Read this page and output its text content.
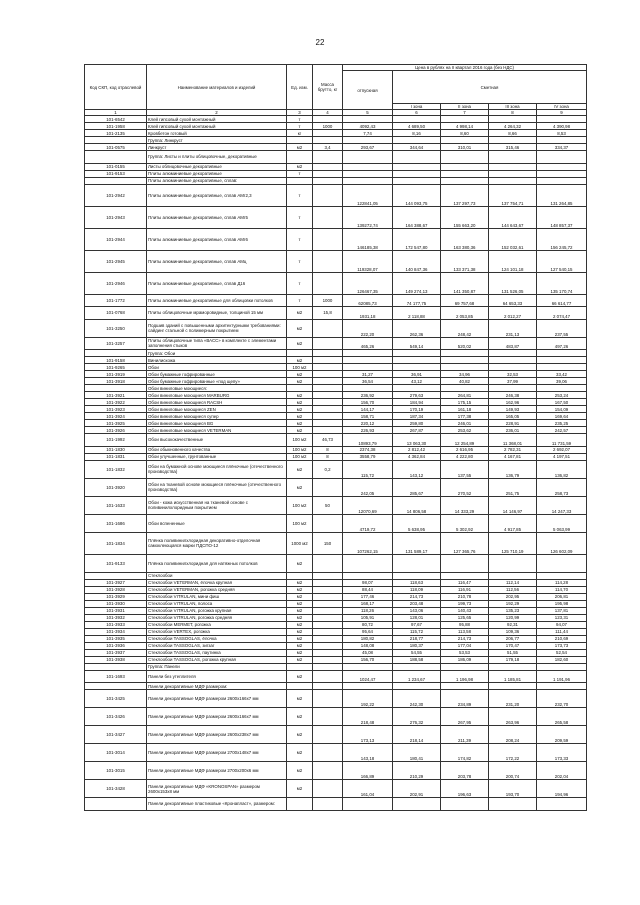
22
Код СКП, код отраслевой	Наименование материалов и изделий	Ед. изм.	Масса брутто, кг	Цена в рублях на II квартал 2016 года (без НДС)				
				отпускная	Сметная			
					I зона	II зона	III зона	IV зона
1	2	3	4	5	6	7	8	9
101-6542	Клей гипсовый сухой монтажный	т						
101-1958	Клей гипсовый сухой монтажный	т	1000	4092,43	4 689,50	4 998,14	4 264,32	4 390,98
101-2135	Кровбетон готовый	кг		7,74	8,16	8,60	8,66	8,53
	Группа: Линкруст							
101-0575	Линкруст	м2	3,4	293,67	344,64	310,01	315,46	334,37
	Группа: Листы и плиты облицовочные, декоративные							
101-0155	Листы облицовочные декоративные	м2						
101-9153	Плиты алюминиевые декоративные	т						
	Плиты алюминиевые декоративные, сплав:							
101-2942	Плиты алюминиевые декоративные, сплав АМг2,3	т		122841,05	144 093,75	137 297,73	137 754,71	131 264,85
101-2943	Плиты алюминиевые декоративные, сплав АМг5	т		139272,74	164 388,67	155 663,20	144 643,67	148 857,37
101-2944	Плиты алюминиевые декоративные, сплав АМг6	т		146185,38	172 547,80	163 380,36	152 032,61	156 245,72
101-2945	Плиты алюминиевые декоративные, сплав АМц	т		119328,07	140 847,36	133 371,38	124 101,18	127 540,15
101-2946	Плиты алюминиевые декоративные, сплав Д16	т		126467,35	149 274,13	141 350,87	131 526,05	135 170,74
101-1772	Плиты алюминиевые декоративные для облицовки потолков	т	1000	62085,73	74 177,75	69 757,68	64 653,33	66 614,77
101-0768	Плиты облицовочные мраморовидные, толщиной 15 мм	м2	15,8	1931,18	2 118,88	2 053,85	2 012,27	2 074,47
101-3250	Подшив зданий с повышенными архитектурными требованиями: сайдинг стальной с полимерным покрытием	м2		222,20	262,36	248,42	231,13	237,55
101-3257	Плиты облицовочные типа «ВАСС» в комплекте с элементами заполнения стыков	м2		465,26	549,14	520,02	483,87	497,26
	Группа: Обои							
101-9158	Винилискожа	м2						
101-9265	Обои	100 м2						
101-3919	Обои бумажные гофрированные	м2		31,27	36,91	34,96	32,53	33,42
101-3918	Обои бумажные гофрированные «под щепу»	м2		36,54	43,12	40,82	37,99	39,06
	Обои виниловые моющиеся:							
101-3921	Обои виниловые моющиеся MARBURG	м2		236,92	279,63	264,81	246,38	253,24
101-3922	Обои виниловые моющиеся RACSH	м2		156,70	184,94	175,15	162,96	167,50
101-3923	Обои виниловые моющиеся ZEN	м2		144,17	170,19	161,18	149,93	154,09
101-3924	Обои виниловые моющиеся супер	м2		158,71	187,34	177,38	165,05	169,64
101-3925	Обои виниловые моющиеся BG	м2		220,12	259,80	246,01	228,91	235,25
101-3926	Обои виниловые моющиеся VETERMAN	м2		226,93	267,87	253,62	236,01	242,57
101-1992	Обои высококачественные	100 м2	46,73	10893,79	13 063,30	12 254,89	11 368,01	11 731,59
101-1830	Обои обыкновенного качества	100 м2	8	2374,38	2 812,42	2 616,95	2 782,31	2 692,07
101-1831	Обои улучшенные, грунтованные	100 м2	8	3558,79	4 362,84	4 222,80	4 167,81	4 197,51
101-1832	Обои на бумажной основе моющиеся плёночные (отечественного производства)	м2	0,2	115,72	143,12	137,55	136,79	136,82
101-3920	Обои на тканевой основе моющиеся плёночные (отечественного производства)	м2		242,05	285,67	270,52	251,75	258,73
101-1633	Обои - кожа искусственная на тканевой основе с поливинилхлоридным покрытием	100 м2	50	12070,69	14 806,58	14 333,29	14 146,97	14 247,33
101-1686	Обои вспененные	100 м2		4719,72	5 638,95	5 302,92	4 917,85	5 063,99
101-1834	Плёнка поливинилхлоридная декоративно-отделочная самоклеющаяся марки ПДСПО-12	1000 м2	150	107262,15	131 589,17	127 365,76	125 710,19	126 602,09
101-9133	Плёнка поливинилхлоридная для натяжных потолков	м2						
	Стеклообои							
101-3927	Стеклообои VETERMAN, ёлочка крупная	м2		98,07	118,63	116,47	112,14	114,28
101-3928	Стеклообои VETERMAN, рогожка средняя	м2		88,44	118,09	116,91	112,56	114,70
101-3929	Стеклообои VITRULAN, мини фиш	м2		177,46	214,73	210,78	202,95	206,81
101-3930	Стеклообои VITRULAN, полоса	м2		168,17	203,48	199,73	192,29	195,98
101-3931	Стеклообои VITRULAN, рогожка крупная	м2		118,26	143,06	140,43	135,23	137,81
101-3932	Стеклообои VITRULAN, рогожка средняя	м2		105,91	128,01	125,65	120,99	123,31
101-3933	Стеклообои MERMET, рогожка	м2		80,72	97,67	95,88	92,31	94,07
101-3934	Стеклообои VERTEX, рогожка	м2		95,64	115,72	113,58	109,36	111,44
101-3935	Стеклообои TASSOGLAS, ёлочка	м2		180,82	218,77	214,73	206,77	210,69
101-3936	Стеклообои TASSOGLAS, зигзаг	м2		148,08	180,37	177,04	170,47	173,73
101-3937	Стеклообои TASSOGLAS, паутинка	м2		45,08	54,55	53,53	51,55	52,54
101-3938	Стеклообои TASSOGLAS, рогожка крупная	м2		156,70	188,58	186,09	179,18	182,60
	Группа: Панели							
101-1693	Панели без утеплителя	м2		1024,47	1 234,67	1 196,98	1 185,81	1 191,96
	Панели декоративные МДФ размером:							
101-3425	Панели декоративные МДФ размером 2600х166х7 мм	м2		192,22	242,30	234,89	231,20	232,70
101-3426	Панели декоративные МДФ размером 2600х166х7 мм	м2		218,48	276,32	267,95	263,96	265,58
101-3427	Панели декоративные МДФ размером 2600х238х7 мм	м2		173,13	218,14	211,39	208,24	209,59
101-3014	Панели декоративные МДФ размером 2700х148х7 мм	м2		143,18	180,41	174,82	172,22	173,33
101-3015	Панели декоративные МДФ размером 2700х200х6 мм	м2		166,89	210,29	203,78	200,74	202,04
101-3428	Панели декоративные МДФ «KRONOSPAN» размером 2600х153х8 мм	м2		161,04	202,91	196,63	193,70	194,96
	Панели декоративные пластиковые «Кронапласт», размером:							
